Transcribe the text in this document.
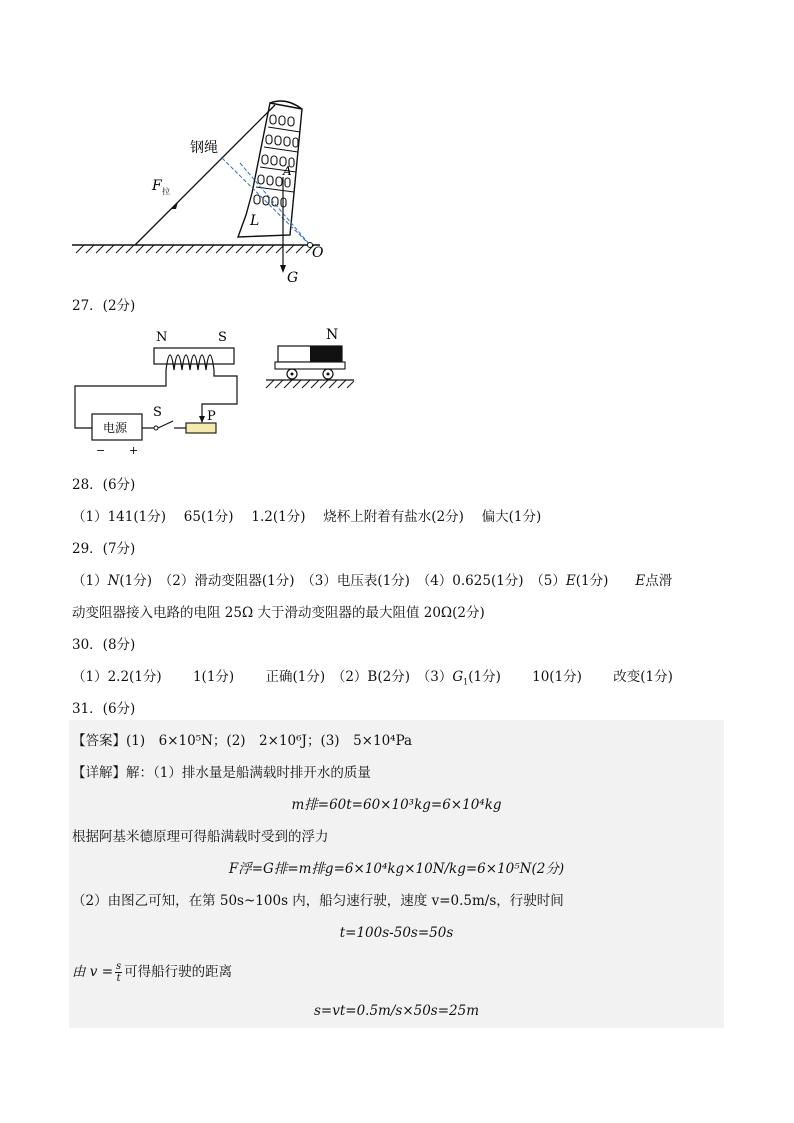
钢绳
F 拉
A
L
O
G
27．(2分)
N	S
电源
− +
S	P
N
28．(6分)
（1）141(1分)　 65(1分)　 1.2(1分)　 烧杯上附着有盐水(2分)　 偏大(1分)
29．(7分)
（1）N(1分)　（2）滑动变阻器(1分)　（3）电压表(1分)　（4）0.625(1分)　（5）E(1分)　　E点滑
动变阻器接入电路的电阻 25Ω 大于滑动变阻器的最大阻值 20Ω(2分)
30．(8分)
（1）2.2(1分)　　 1(1分)　　 正确(1分)　（2）B(2分)　$(3)G_1(1$分)　　 10(1分)　　 改变(1分)
31．(6分)
【答案】(1)　6×10⁵N；(2)　2×10⁶J；(3)　5×10⁴Pa
【详解】解：（1）排水量是船满载时排开水的质量
m排=60t=60×10³kg=6×10⁴kg
根据阿基米德原理可得船满载时受到的浮力
F浮=G排=m排g=6×10⁴kg×10N/kg=6×10⁵N(2分)
（2）由图乙可知，在第 50s~100s 内，船匀速行驶，速度 v=0.5m/s，行驶时间
t=100s-50s=50s
由 $v = \frac{s}{t}$ 可得船行驶的距离
s=vt=0.5m/s×50s=25m
